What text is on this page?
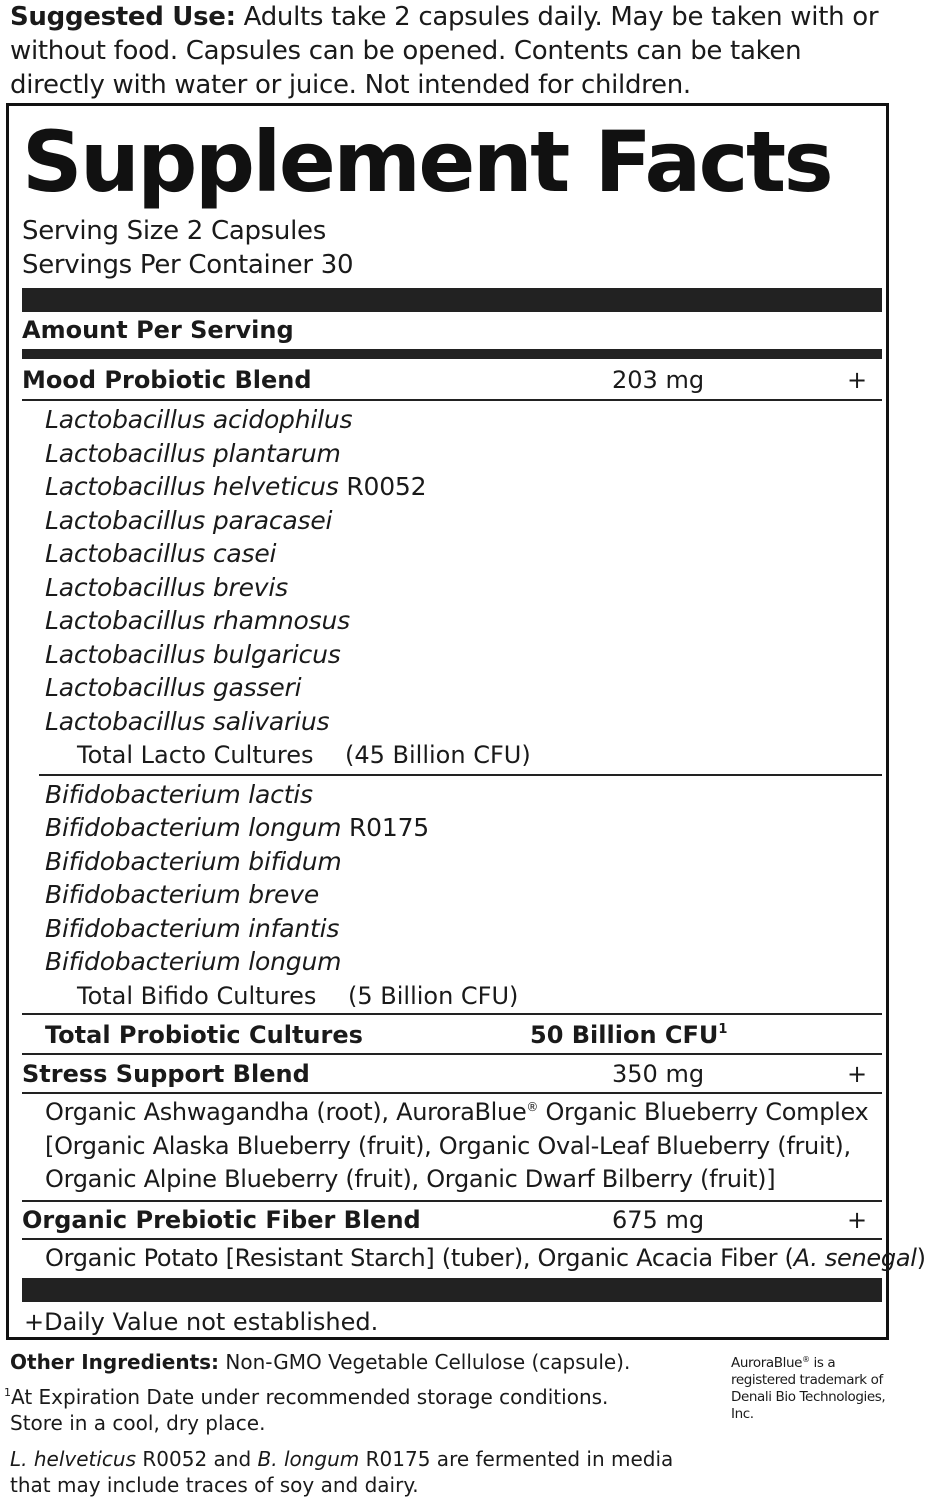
Suggested Use: Adults take 2 capsules daily. May be taken with or without food. Capsules can be opened. Contents can be taken directly with water or juice. Not intended for children.
Supplement Facts
Serving Size 2 Capsules
Servings Per Container 30
Amount Per Serving
Mood Probiotic Blend	203 mg	+
Lactobacillus acidophilus
Lactobacillus plantarum
Lactobacillus helveticus R0052
Lactobacillus paracasei
Lactobacillus casei
Lactobacillus brevis
Lactobacillus rhamnosus
Lactobacillus bulgaricus
Lactobacillus gasseri
Lactobacillus salivarius
Total Lacto Cultures (45 Billion CFU)
Bifidobacterium lactis
Bifidobacterium longum R0175
Bifidobacterium bifidum
Bifidobacterium breve
Bifidobacterium infantis
Bifidobacterium longum
Total Bifido Cultures (5 Billion CFU)
Total Probiotic Cultures	50 Billion CFU$^1$
Stress Support Blend	350 mg	+
Organic Ashwagandha (root), AuroraBlue® Organic Blueberry Complex [Organic Alaska Blueberry (fruit), Organic Oval-Leaf Blueberry (fruit), Organic Alpine Blueberry (fruit), Organic Dwarf Bilberry (fruit)]
Organic Prebiotic Fiber Blend	675 mg	+
Organic Potato [Resistant Starch] (tuber), Organic Acacia Fiber (A. senegal)
+Daily Value not established.
Other Ingredients: Non-GMO Vegetable Cellulose (capsule).
$^1$At Expiration Date under recommended storage conditions.
Store in a cool, dry place.
L. helveticus R0052 and B. longum R0175 are fermented in media
that may include traces of soy and dairy.
AuroraBlue® is a registered trademark of Denali Bio Technologies, Inc.
